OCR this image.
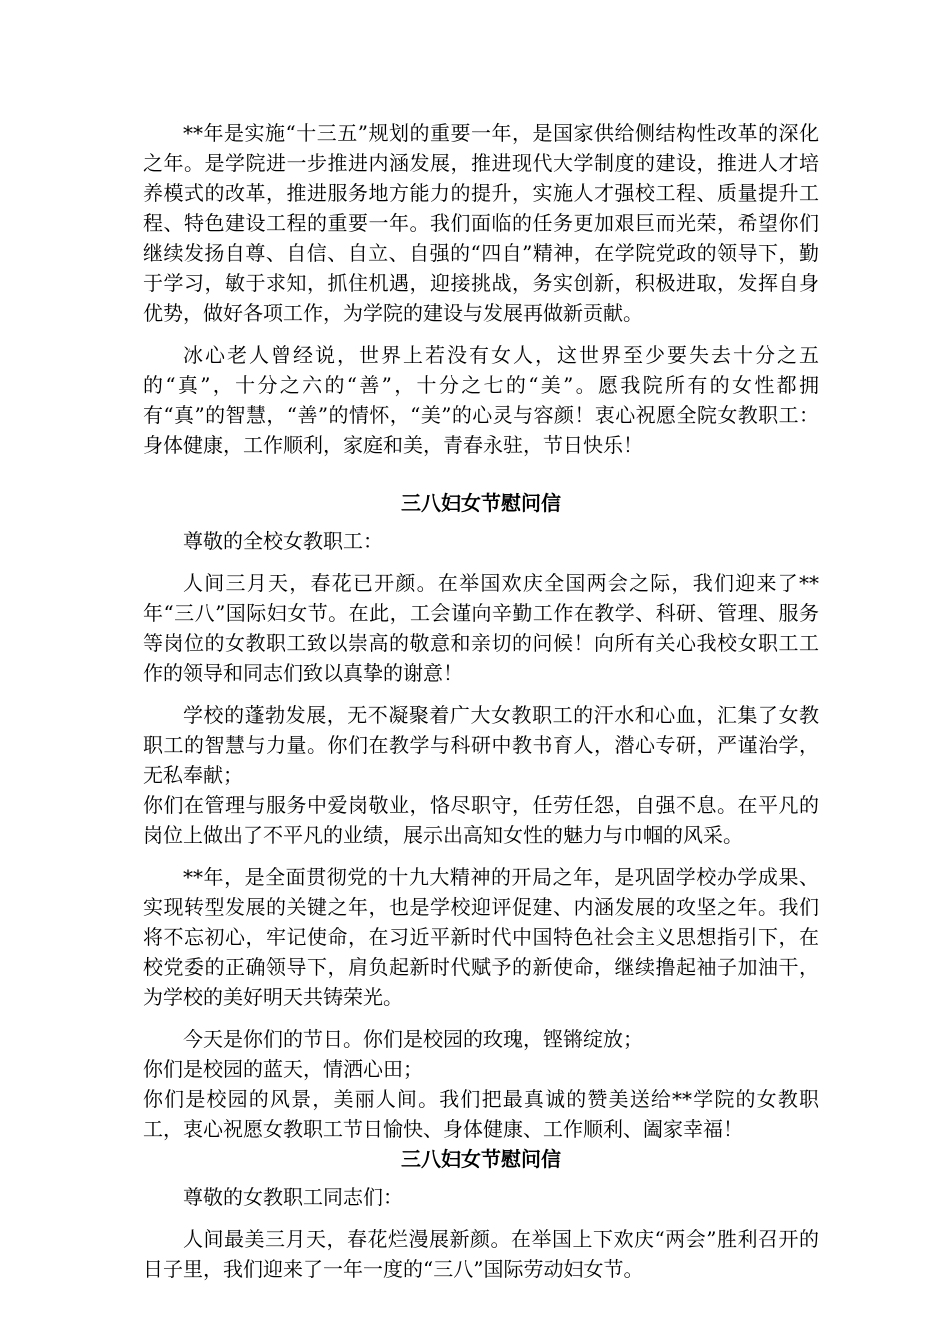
**年是实施“十三五”规划的重要一年，是国家供给侧结构性改革的深化之年。是学院进一步推进内涵发展，推进现代大学制度的建设，推进人才培养模式的改革，推进服务地方能力的提升，实施人才强校工程、质量提升工程、特色建设工程的重要一年。我们面临的任务更加艰巨而光荣，希望你们继续发扬自尊、自信、自立、自强的“四自”精神，在学院党政的领导下，勤于学习，敏于求知，抓住机遇，迎接挑战，务实创新，积极进取，发挥自身优势，做好各项工作，为学院的建设与发展再做新贡献。

冰心老人曾经说，世界上若没有女人，这世界至少要失去十分之五的“真”，十分之六的“善”，十分之七的“美”。愿我院所有的女性都拥有“真”的智慧，“善”的情怀，“美”的心灵与容颜！衷心祝愿全院女教职工：身体健康，工作顺利，家庭和美，青春永驻，节日快乐！

三八妇女节慰问信

尊敬的全校女教职工：

人间三月天，春花已开颜。在举国欢庆全国两会之际，我们迎来了**年“三八”国际妇女节。在此，工会谨向辛勤工作在教学、科研、管理、服务等岗位的女教职工致以崇高的敬意和亲切的问候！向所有关心我校女职工工作的领导和同志们致以真挚的谢意！

学校的蓬勃发展，无不凝聚着广大女教职工的汗水和心血，汇集了女教职工的智慧与力量。你们在教学与科研中教书育人，潜心专研，严谨治学，无私奉献；

你们在管理与服务中爱岗敬业，恪尽职守，任劳任怨，自强不息。在平凡的岗位上做出了不平凡的业绩，展示出高知女性的魅力与巾帼的风采。

**年，是全面贯彻党的十九大精神的开局之年，是巩固学校办学成果、实现转型发展的关键之年，也是学校迎评促建、内涵发展的攻坚之年。我们将不忘初心，牢记使命，在习近平新时代中国特色社会主义思想指引下，在校党委的正确领导下，肩负起新时代赋予的新使命，继续撸起袖子加油干，为学校的美好明天共铸荣光。

今天是你们的节日。你们是校园的玫瑰，铿锵绽放；

你们是校园的蓝天，情洒心田；

你们是校园的风景，美丽人间。我们把最真诚的赞美送给**学院的女教职工，衷心祝愿女教职工节日愉快、身体健康、工作顺利、阖家幸福！

三八妇女节慰问信

尊敬的女教职工同志们：

人间最美三月天，春花烂漫展新颜。在举国上下欢庆“两会”胜利召开的日子里，我们迎来了一年一度的“三八”国际劳动妇女节。
